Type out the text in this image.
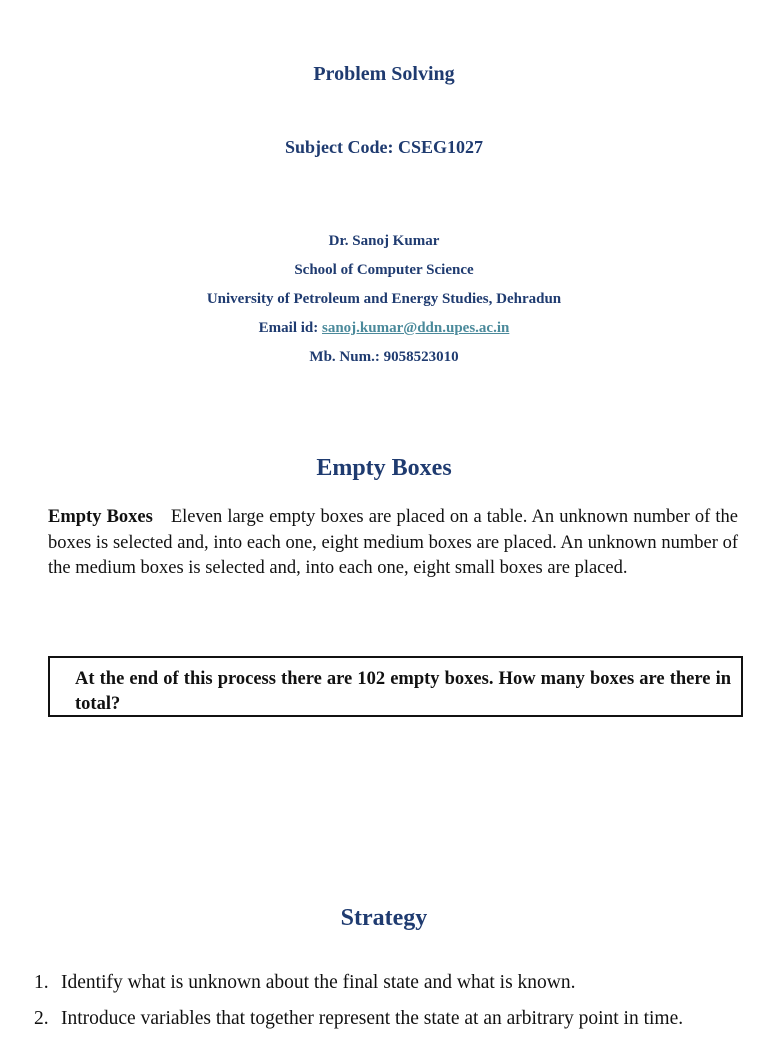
Problem Solving
Subject Code: CSEG1027
Dr. Sanoj Kumar
School of Computer Science
University of Petroleum and Energy Studies, Dehradun
Email id: sanoj.kumar@ddn.upes.ac.in
Mb. Num.: 9058523010
Empty Boxes
Empty Boxes Eleven large empty boxes are placed on a table. An unknown number of the boxes is selected and, into each one, eight medium boxes are placed. An unknown number of the medium boxes is selected and, into each one, eight small boxes are placed.
At the end of this process there are 102 empty boxes. How many boxes are there in total?
Strategy
1. Identify what is unknown about the final state and what is known.
2. Introduce variables that together represent the state at an arbitrary point in time.
